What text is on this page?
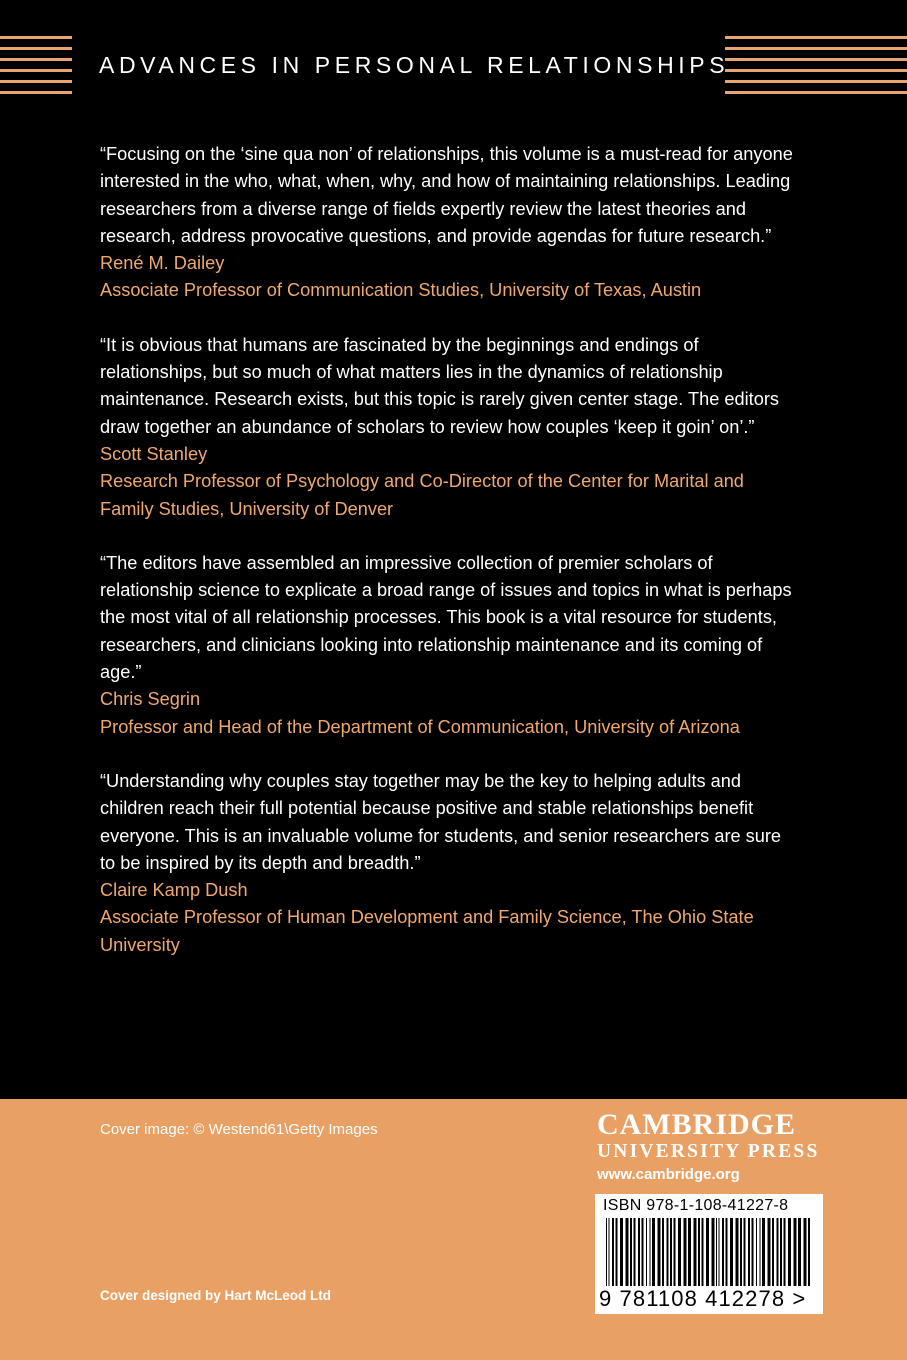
ADVANCES IN PERSONAL RELATIONSHIPS

“Focusing on the ‘sine qua non’ of relationships, this volume is a must-read for anyone interested in the who, what, when, why, and how of maintaining relationships. Leading researchers from a diverse range of fields expertly review the latest theories and research, address provocative questions, and provide agendas for future research.”

René M. Dailey

Associate Professor of Communication Studies, University of Texas, Austin

“It is obvious that humans are fascinated by the beginnings and endings of relationships, but so much of what matters lies in the dynamics of relationship maintenance. Research exists, but this topic is rarely given center stage. The editors draw together an abundance of scholars to review how couples ‘keep it goin’ on’.”

Scott Stanley

Research Professor of Psychology and Co-Director of the Center for Marital and Family Studies, University of Denver

“The editors have assembled an impressive collection of premier scholars of relationship science to explicate a broad range of issues and topics in what is perhaps the most vital of all relationship processes. This book is a vital resource for students, researchers, and clinicians looking into relationship maintenance and its coming of age.”

Chris Segrin

Professor and Head of the Department of Communication, University of Arizona

“Understanding why couples stay together may be the key to helping adults and children reach their full potential because positive and stable relationships benefit everyone. This is an invaluable volume for students, and senior researchers are sure to be inspired by its depth and breadth.”

Claire Kamp Dush

Associate Professor of Human Development and Family Science, The Ohio State University

Cover image: © Westend61\Getty Images
Cover designed by Hart McLeod Ltd
CAMBRIDGE
UNIVERSITY PRESS
www.cambridge.org
ISBN 978-1-108-41227-8
9 781108 412278 >
